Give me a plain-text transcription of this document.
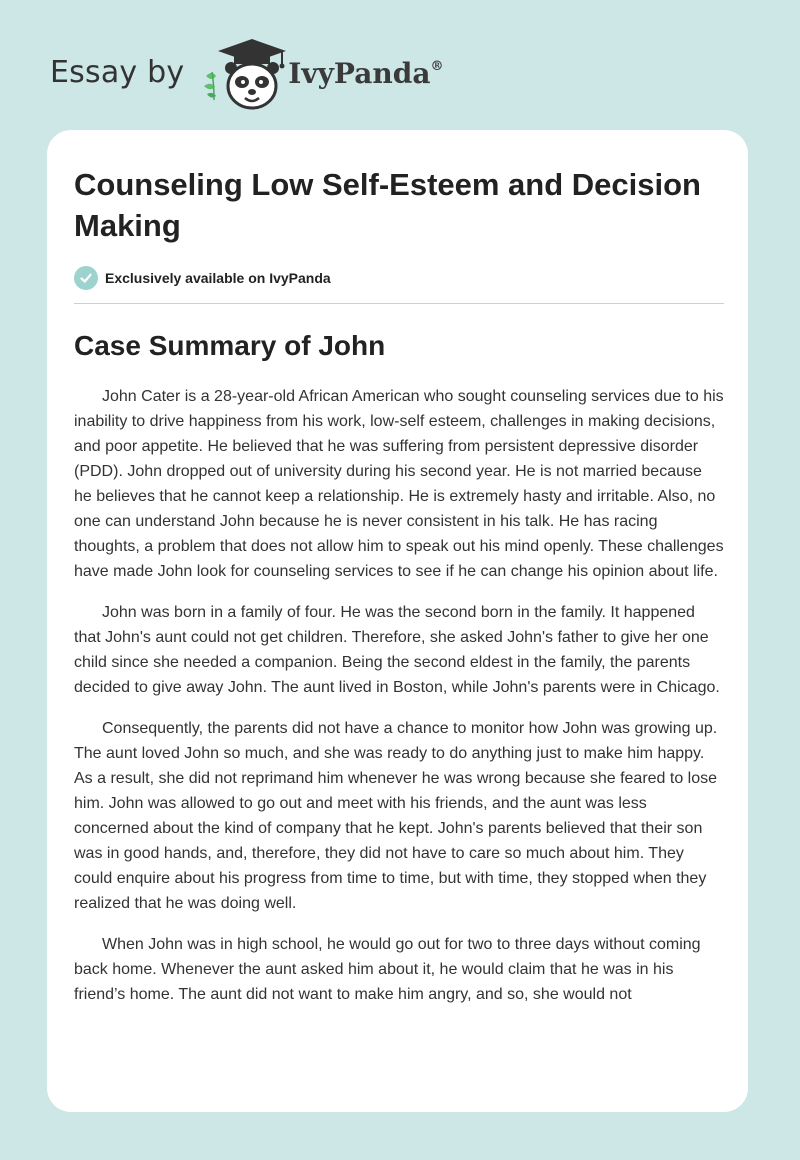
Essay by	IvyPanda®
Counseling Low Self-Esteem and Decision Making
Exclusively available on IvyPanda
Case Summary of John

John Cater is a 28-year-old African American who sought counseling services due to his inability to drive happiness from his work, low-self esteem, challenges in making decisions, and poor appetite. He believed that he was suffering from persistent depressive disorder (PDD). John dropped out of university during his second year. He is not married because he believes that he cannot keep a relationship. He is extremely hasty and irritable. Also, no one can understand John because he is never consistent in his talk. He has racing thoughts, a problem that does not allow him to speak out his mind openly. These challenges have made John look for counseling services to see if he can change his opinion about life.

John was born in a family of four. He was the second born in the family. It happened that John's aunt could not get children. Therefore, she asked John's father to give her one child since she needed a companion. Being the second eldest in the family, the parents decided to give away John. The aunt lived in Boston, while John's parents were in Chicago.

Consequently, the parents did not have a chance to monitor how John was growing up. The aunt loved John so much, and she was ready to do anything just to make him happy. As a result, she did not reprimand him whenever he was wrong because she feared to lose him. John was allowed to go out and meet with his friends, and the aunt was less concerned about the kind of company that he kept. John's parents believed that their son was in good hands, and, therefore, they did not have to care so much about him. They could enquire about his progress from time to time, but with time, they stopped when they realized that he was doing well.

When John was in high school, he would go out for two to three days without coming back home. Whenever the aunt asked him about it, he would claim that he was in his friend’s home. The aunt did not want to make him angry, and so, she would not
